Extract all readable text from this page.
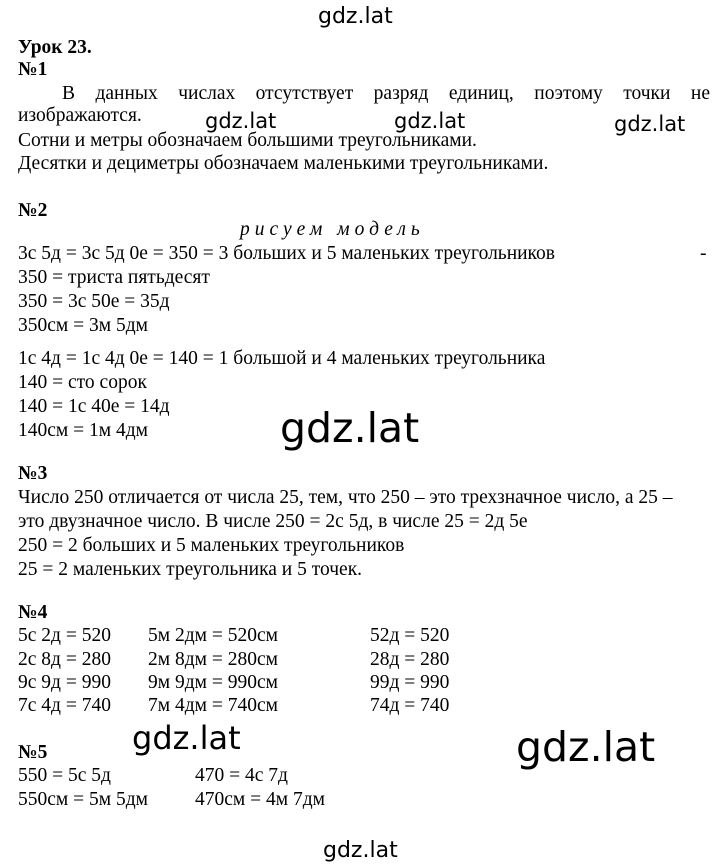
gdz.lat
gdz.lat	gdz.lat	gdz.lat
gdz.lat
gdz.lat	gdz.lat
gdz.lat
Урок 23.
№1
В данных числах отсутствует разряд единиц, поэтому точки не
изображаются.
Сотни и метры обозначаем большими треугольниками.
Десятки и дециметры обозначаем маленькими треугольниками.
№2
рисуем модель
3с 5д = 3с 5д 0е = 350 = 3 больших и 5 маленьких треугольников	-
350 = триста пятьдесят
350 = 3с 50е = 35д
350см = 3м 5дм
1с 4д = 1с 4д 0е = 140 = 1 большой и 4 маленьких треугольника
140 = сто сорок
140 = 1с 40е = 14д
140см = 1м 4дм
№3
Число 250 отличается от числа 25, тем, что 250 – это трехзначное число, а 25 –
это двузначное число. В числе 250 = 2с 5д, в числе 25 = 2д 5е
250 = 2 больших и 5 маленьких треугольников
25 = 2 маленьких треугольника и 5 точек.
№4
5с 2д = 520 5м 2дм = 520см	52д = 520
2с 8д = 280 2м 8дм = 280см	28д = 280
9с 9д = 990 9м 9дм = 990см	99д = 990
7с 4д = 740 7м 4дм = 740см	74д = 740
№5
550 = 5с 5д	470 = 4с 7д
550см = 5м 5дм 470см = 4м 7дм
